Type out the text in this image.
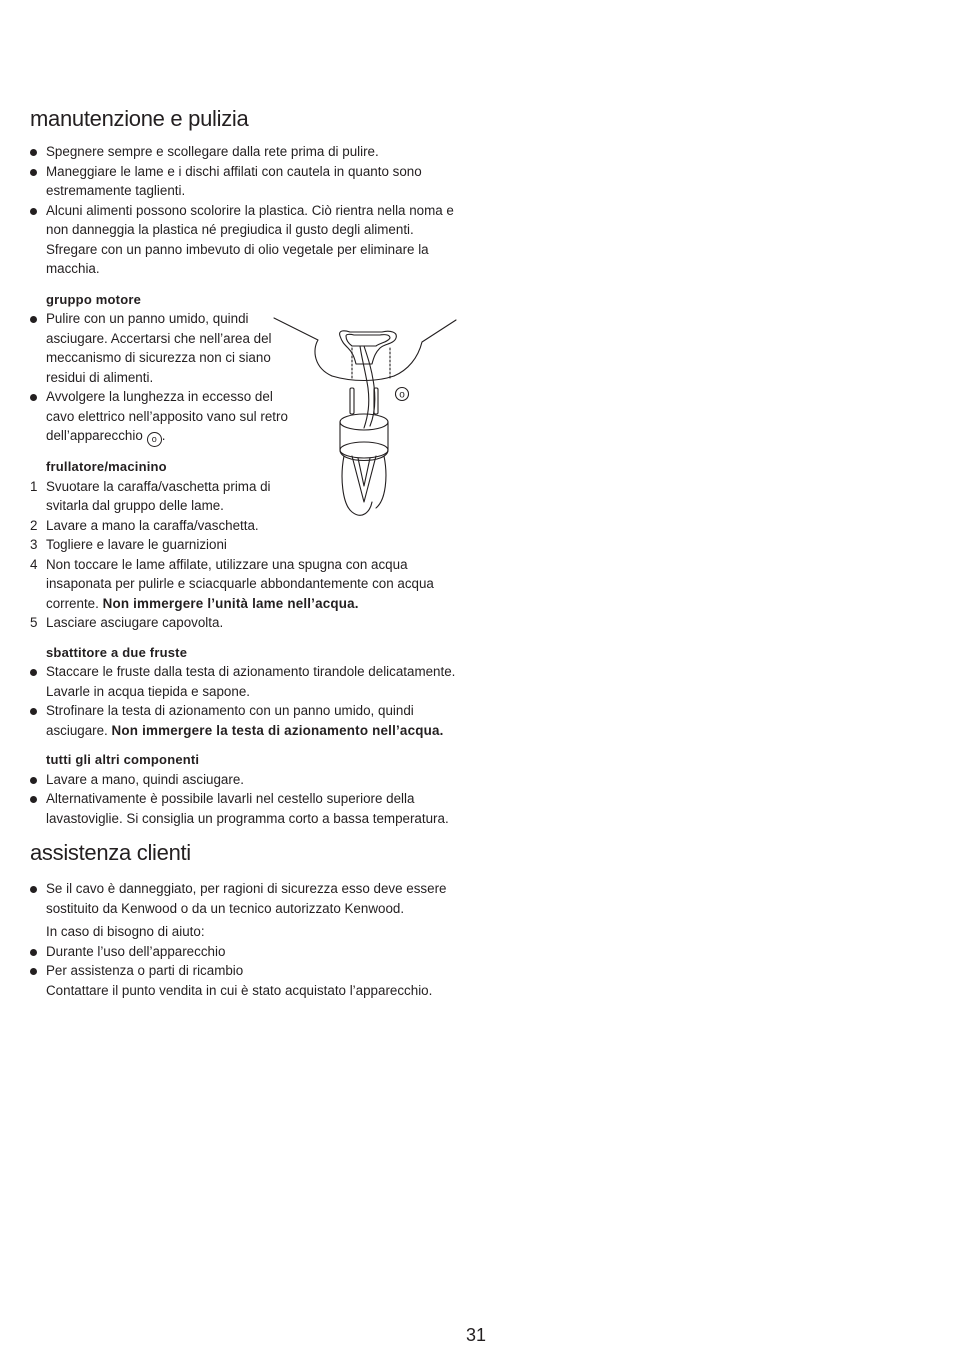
manutenzione e pulizia
Spegnere sempre e scollegare dalla rete prima di pulire.
Maneggiare le lame e i dischi affilati con cautela in quanto sono estremamente taglienti.
Alcuni alimenti possono scolorire la plastica. Ciò rientra nella noma e non danneggia la plastica né pregiudica il gusto degli alimenti. Sfregare con un panno imbevuto di olio vegetale per eliminare la macchia.

gruppo motore

Pulire con un panno umido, quindi asciugare. Accertarsi che nell’area del meccanismo di sicurezza non ci siano residui di alimenti.
Avvolgere la lunghezza in eccesso del cavo elettrico nell’apposito vano sul retro dell’apparecchio o .

frullatore/macinino

1 Svuotare la caraffa/vaschetta prima di svitarla dal gruppo delle lame.
2 Lavare a mano la caraffa/vaschetta.
3 Togliere e lavare le guarnizioni
4 Non toccare le lame affilate, utilizzare una spugna con acqua insaponata per pulirle e sciacquarle abbondantemente con acqua corrente. Non immergere l’unità lame nell’acqua.
5 Lasciare asciugare capovolta.

sbattitore a due fruste

Staccare le fruste dalla testa di azionamento tirandole delicatamente. Lavarle in acqua tiepida e sapone.
Strofinare la testa di azionamento con un panno umido, quindi asciugare. Non immergere la testa di azionamento nell’acqua.

tutti gli altri componenti

Lavare a mano, quindi asciugare.
Alternativamente è possibile lavarli nel cestello superiore della lavastoviglie. Si consiglia un programma corto a bassa temperatura.
assistenza clienti
Se il cavo è danneggiato, per ragioni di sicurezza esso deve essere sostituito da Kenwood o da un tecnico autorizzato Kenwood.
In caso di bisogno di aiuto:
Durante l’uso dell’apparecchio
Per assistenza o parti di ricambio
Contattare il punto vendita in cui è stato acquistato l’apparecchio.
o
31
